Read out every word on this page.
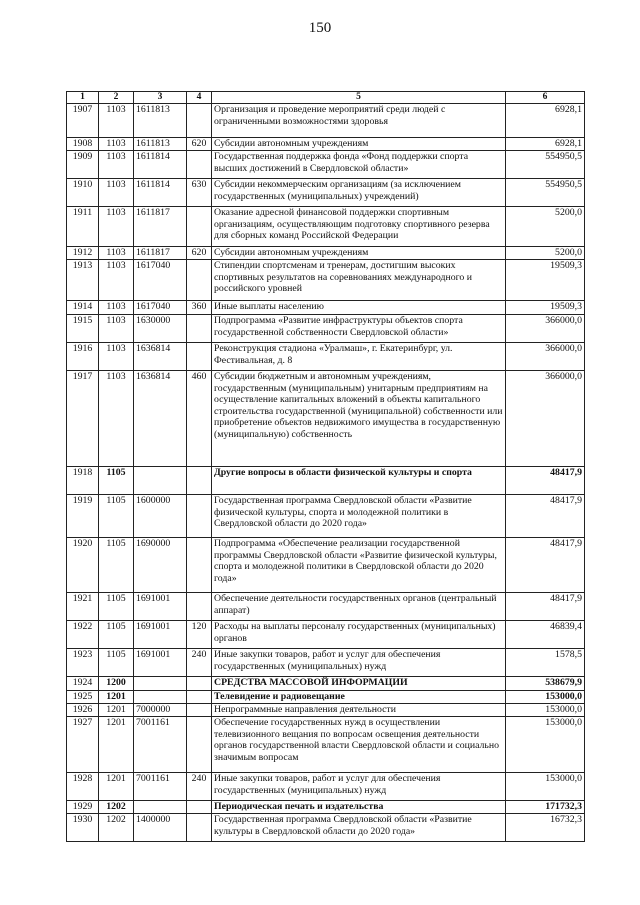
150
1	2	3	4	5	6
1907	1103	1611813		Организация и проведение мероприятий среди людей с ограниченными возможностями здоровья	6928,1
1908	1103	1611813	620	Субсидии автономным учреждениям	6928,1
1909	1103	1611814		Государственная поддержка фонда «Фонд поддержки спорта высших достижений в Свердловской области»	554950,5
1910	1103	1611814	630	Субсидии некоммерческим организациям (за исключением государственных (муниципальных) учреждений)	554950,5
1911	1103	1611817		Оказание адресной финансовой поддержки спортивным организациям, осуществляющим подготовку спортивного резерва для сборных команд Российской Федерации	5200,0
1912	1103	1611817	620	Субсидии автономным учреждениям	5200,0
1913	1103	1617040		Стипендии спортсменам и тренерам, достигшим высоких спортивных результатов на соревнованиях международного и российского уровней	19509,3
1914	1103	1617040	360	Иные выплаты населению	19509,3
1915	1103	1630000		Подпрограмма «Развитие инфраструктуры объектов спорта государственной собственности Свердловской области»	366000,0
1916	1103	1636814		Реконструкция стадиона «Уралмаш», г. Екатеринбург, ул. Фестивальная, д. 8	366000,0
1917	1103	1636814	460	Субсидии бюджетным и автономным учреждениям, государственным (муниципальным) унитарным предприятиям на осуществление капитальных вложений в объекты капитального строительства государственной (муниципальной) собственности или приобретение объектов недвижимого имущества в государственную (муниципальную) собственность	366000,0
1918	1105			Другие вопросы в области физической культуры и спорта	48417,9
1919	1105	1600000		Государственная программа Свердловской области «Развитие физической культуры, спорта и молодежной политики в Свердловской области до 2020 года»	48417,9
1920	1105	1690000		Подпрограмма «Обеспечение реализации государственной программы Свердловской области «Развитие физической культуры, спорта и молодежной политики в Свердловской области до 2020 года»	48417,9
1921	1105	1691001		Обеспечение деятельности государственных органов (центральный аппарат)	48417,9
1922	1105	1691001	120	Расходы на выплаты персоналу государственных (муниципальных) органов	46839,4
1923	1105	1691001	240	Иные закупки товаров, работ и услуг для обеспечения государственных (муниципальных) нужд	1578,5
1924	1200			СРЕДСТВА МАССОВОЙ ИНФОРМАЦИИ	538679,9
1925	1201			Телевидение и радиовещание	153000,0
1926	1201	7000000		Непрограммные направления деятельности	153000,0
1927	1201	7001161		Обеспечение государственных нужд в осуществлении телевизионного вещания по вопросам освещения деятельности органов государственной власти Свердловской области и социально значимым вопросам	153000,0
1928	1201	7001161	240	Иные закупки товаров, работ и услуг для обеспечения государственных (муниципальных) нужд	153000,0
1929	1202			Периодическая печать и издательства	171732,3
1930	1202	1400000		Государственная программа Свердловской области «Развитие культуры в Свердловской области до 2020 года»	16732,3
